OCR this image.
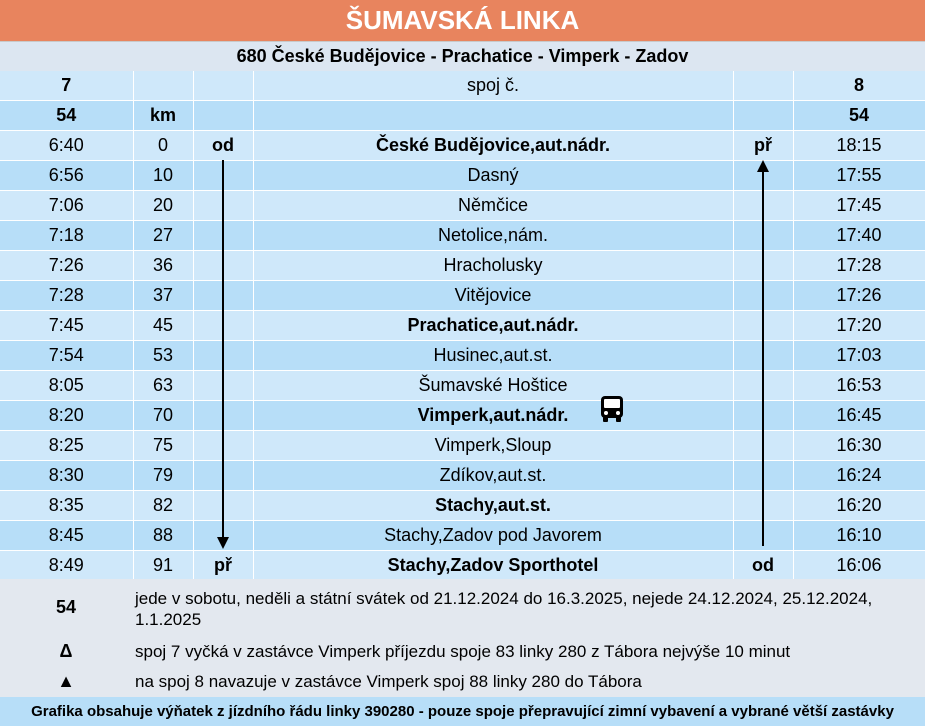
ŠUMAVSKÁ LINKA
680 České Budějovice - Prachatice - Vimperk - Zadov
7			spoj č.		8
54	km				54
6:40	0	od	České Budějovice,aut.nádr.	př	18:15
6:56	10		Dasný		17:55
7:06	20		Němčice		17:45
7:18	27		Netolice,nám.		17:40
7:26	36		Hracholusky		17:28
7:28	37		Vitějovice		17:26
7:45	45		Prachatice,aut.nádr.		17:20
7:54	53		Husinec,aut.st.		17:03
8:05	63		Šumavské Hoštice		16:53
8:20	70		Vimperk,aut.nádr.		16:45
8:25	75		Vimperk,Sloup		16:30
8:30	79		Zdíkov,aut.st.		16:24
8:35	82		Stachy,aut.st.		16:20
8:45	88		Stachy,Zadov pod Javorem		16:10
8:49	91	př	Stachy,Zadov Sporthotel	od	16:06
54	jede v sobotu, neděli a státní svátek od 21.12.2024 do 16.3.2025, nejede 24.12.2024, 25.12.2024, 1.1.2025
Δ	spoj 7 vyčká v zastávce Vimperk příjezdu spoje 83 linky 280 z Tábora nejvýše 10 minut
▲	na spoj 8 navazuje v zastávce Vimperk spoj 88 linky 280 do Tábora
Grafika obsahuje výňatek z jízdního řádu linky 390280 - pouze spoje přepravující zimní vybavení a vybrané větší zastávky
